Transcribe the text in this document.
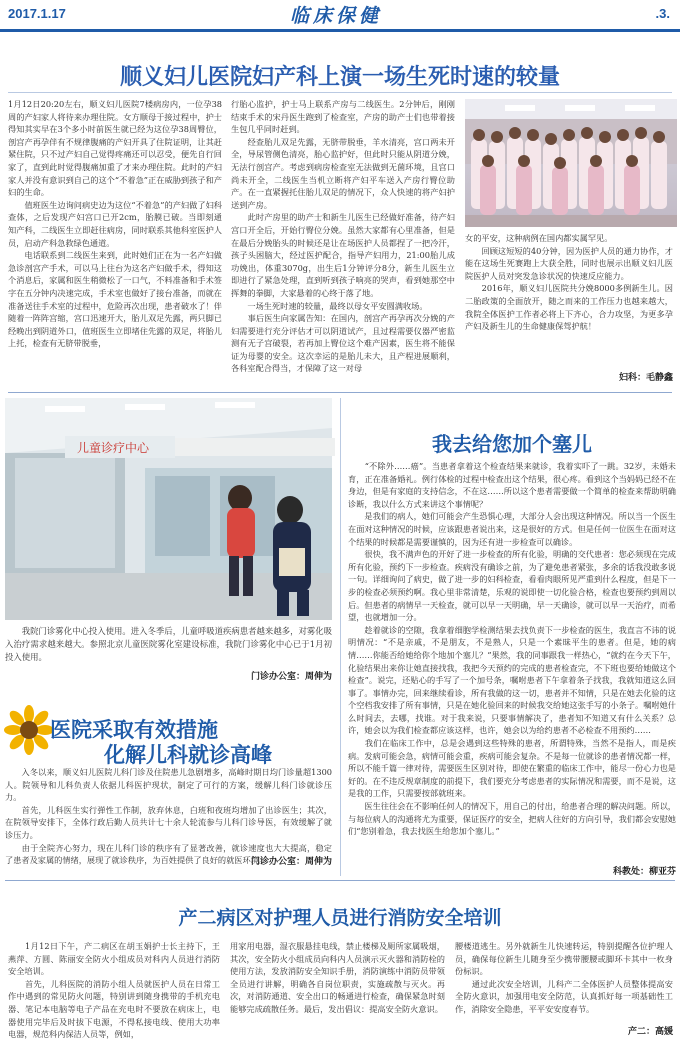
2017.1.17	临床保健	.3.
顺义妇儿医院妇产科上演一场生死时速的较量
1月12日20:20左右，顺义妇儿医院7楼病房内，一位孕38周的产妇家人将待来办理住院。女方顺母于接过程中，护士得知其实早在3个多小时前医生就已经为这位孕38周臀位，剖宫产再孕伴有不规律腹痛的产妇开具了住院证明，让其赶紧住院，只不过产妇自己觉得疼痛还可以忍受，便先自行回家了，直到此时觉得腹痛加重了才来办理住院。此时的产妇家人并没有意识到自己的这个“不着急”正在威胁到孩子和产妇的生命。
　　值班医生边询问病史边为这位“不着急”的产妇做了妇科查体，之后发现产妇宫口已开2cm，胎膜已破。当即刻通知产科，二线医生立即赶往病房，同时联系其他科室医护人员，启动产科急救绿色通道。
　　电话联系到二线医生来到，此时她们正在为一名产妇做急诊剖宫产手术，可以马上往台为这名产妇做手术，得知这个消息后，家属和医生稍微松了一口气，不料准备和手术签字在五分钟内决速完成，手术室也做好了接台准备，而就在准备送往手术室的过程中，危险再次出现，患者破水了！伴随着一阵阵宫缩，宫口迅速开大，胎儿双足先露，两只脚已经晚出到阴道外口，值班医生立即堵住先露的双足，将胎儿上托，检查有无脐带脱垂，
行胎心监护，护士马上联系产房与二线医生。2分钟后，刚刚结束手术的宋丹医生跑到了检查室，产房的助产士们也带着接生包几乎同时赶到。
　　经查胎儿双足先露，无脐带脱垂，羊水清亮，宫口两未开全，导尿管侧色清亮，胎心监护好，但此时只能从阴道分娩，无法行剖宫产。考虑到病房检查室无法做到无菌环境，且宫口尚未开全，二线医生当机立断将产妇平车送入产房行臀位助产。在一直紧握托住胎儿双足的情况下，众人快速的将产妇护送到产房。
　　此时产房里的助产士和新生儿医生已经做好准备，待产妇宫口开全后，开始行臀位分娩。虽然大家都有心里准备，但是在最后分娩胎头的时候还是让在场医护人员都捏了一把冷汗，孩子头困脑大，经过医护配合，指导产妇用力，21:00胎儿成功娩出，体重3070g，出生后1分钟评分8分，新生儿医生立即进行了紧急处理，直到听到孩子响亮的哭声，看到她那空中挥舞的拳脚，大家悬着的心终于落了地。
　　一场生死时速的较量，最终以母女平安圆满收场。
　　事后医生向家属告知：在国内，剖宫产再孕再次分娩的产妇需要进行充分评估才可以阴道试产，且过程需要仪器严密监测有无子宫破裂，若再加上臀位这个难产因素，医生将不能保证为母婴的安全。这次幸运的是胎儿未大，且产程进展顺利，各科室配合得当，才保障了这一对母
女的平安，这种病例在国内都实属罕见。
　　回顾这短短的40分钟，因为医护人员的通力协作，才能在这场生死赛跑上大获全胜，同时也展示出顺义妇儿医院医护人员对突发急诊状况的快速反应能力。
　　2016年，顺义妇儿医院共分娩8000多例新生儿。因二胎政策的全面放开，随之而来的工作压力也越来越大，我院全体医护工作者必将上下齐心，合力攻坚，为更多孕产妇及新生儿的生命健康保驾护航！
妇科：毛静鑫
儿童诊疗中心
　　我院门诊雾化中心投入使用。进入冬季后，儿童呼吸道疾病患者越来越多，对雾化吸入治疗需求越来越大。参照北京儿童医院雾化室建设标准，我院门诊雾化中心已于1月初投入使用。
门诊办公室：周伸为
医院采取有效措施
化解儿科就诊高峰
　　入冬以来，顺义妇儿医院儿科门诊及住院患儿急剧增多，高峰时期日均门诊量超1300人。院领导和儿科负责人依据儿科医护现状，制定了可行的方案，缓解儿科门诊就诊压力。
　　首先，儿科医生实行弹性工作制，放弃休息，白班和夜班均增加了出诊医生；其次，在院领导安排下，全体行政后勤人员共计七十余人轮流参与儿科门诊导医，有效缓解了就诊压力。
　　由于全院齐心努力，现在儿科门诊的秩序有了显著改善，就诊速度也大大提高，稳定了患者及家属的情绪，展现了就诊秩序，为百姓提供了良好的就医环境。
门诊办公室：周伸为
我去给您加个塞儿
　　“不除外……癌”。当患者拿着这个检查结果来就诊，我着实吓了一跳。32岁，未婚未育，正在准备婚礼。例行体检的过程中检查出这个结果，很心疼。看到这个当妈妈已经不在身边，但是有家庭的支持信念，不在这……所以这个患者需要做一个简单的检查来帮助明确诊断，我以什么方式来讲这个事情呢？
　　是我们的病人，她们可能会产生恐惧心理，大部分人会出现这种情况。所以当一个医生在面对这种情况的时候，应该跟患者说出来，这是很好的方式。但是任何一位医生在面对这个结果的时候都是需要谨慎的，因为还有进一步检查可以确诊。
　　很快，我不满声色的开好了进一步检查的所有化验，明确的交代患者：您必须现在完成所有化验，预约下一步检查。疾病没有确诊之前，为了避免患者紧张，多余的话我没敢多说一句。详细询问了病史，做了进一步的妇科检查，看看肉眼所见严重到什么程度，但是下一步的检查必须预约啊。我心里非常清楚，乐观的说即使一切化验合格，检查也要预约到周以后。但患者的病情早一天检查，就可以早一天明确，早一天确诊，就可以早一天治疗，而希望，也就增加一分。
　　趁着就诊的空隙，我拿着细胞学检测结果去找负责下一步检查的医生，我直言不讳的说明情况：“不是亲戚，不是朋友，不是熟人，只是一个素昧平生的患者。但是，她的病情……你能否给她给你个地加个塞儿？”果然，我的同事跟我一样热心，“就约在今天下午，化验结果出来你让她直接找我，我把今天预约的完成的患者检查完，不下班也要给她做这个检查”。说完，还贴心的手写了一个加号条，嘱咐患者下午拿着条子找我，我就知道这么回事了。事情办完，回来继续看诊，所有我做的这一切，患者并不知情，只是在她去化验的这个空档我安排了所有事情，只是在她化验回来的时候我交给她这张手写的小条子。嘱咐她什么时间去，去哪，找谁。对于我来说，只要事情解决了，患者知不知道又有什么关系？总许，她会以为我们检查都应该这样，也许，她会以为给约患者不必检查不用预约……
　　我们在临床工作中，总是会遇到这些特殊的患者，所谓特殊，当然不是指人，而是疾病。发病可能会急，病情可能会重，疾病可能会复杂。不是每一位就诊的患者情况都一样，所以不能千篇一律对待，需要医生区别对待，即使在繁重的临床工作中，能尽一份心力也是好的。在不违反规章制度的前提下，我们要充分考虑患者的实际情况和需要，而不是说，这是我的工作，只需要按部就班来。
　　医生往往会在不影响任何人的情况下，用自己的付出，给患者合理的解决问题。所以，与每位病人的沟通将尤为重要，保证医疗的安全，把病人往好的方向引导，我们都会安慰她们“您别着急，我去找医生给您加个塞儿。”
科教处：柳亚芬
产二病区对护理人员进行消防安全培训
　　1月12日下午，产二病区在胡玉娟护士长主持下，王燕萍、方圆、陈丽安全防火小组成员对科内人员进行消防安全培训。
　　首先，儿科医院的消防小组人员就医护人员在日常工作中遇到的常见防火问题，特别讲到随身携带的手机充电器、笔记本电脑等电子产品在充电时不要放在病床上，电器使用完毕后及时拔下电源，不得私接电线、使用大功率电器，规范科内保洁人员等，例如，
用家用电器，湿衣服悬挂电线，禁止楼梯及厕所家属吸烟，其次，安全防火小组成员向科内人员演示灭火器和消防栓的使用方法，发放消防安全知识手册，消防演练中消防员带领全员进行讲解，明确各自岗位职责，实施疏散与灭火。再次，对消防通道、安全出口的畅通进行检查，确保紧急时刻能够完成疏散任务。最后，发出倡议：提高安全防火意识。
腰楼道逃生。另外就新生儿快速转运，特别提醒各位护理人员，确保每位新生儿随身至少携带腰腰或脚环卡其中一枚身份标识。
　　通过此次安全培训，儿科产二全体医护人员整体提高安全防火意识，加强用电安全防范，认真抓好每一项基础性工作，消除安全隐患，平平安安度春节。
产二：高媛
